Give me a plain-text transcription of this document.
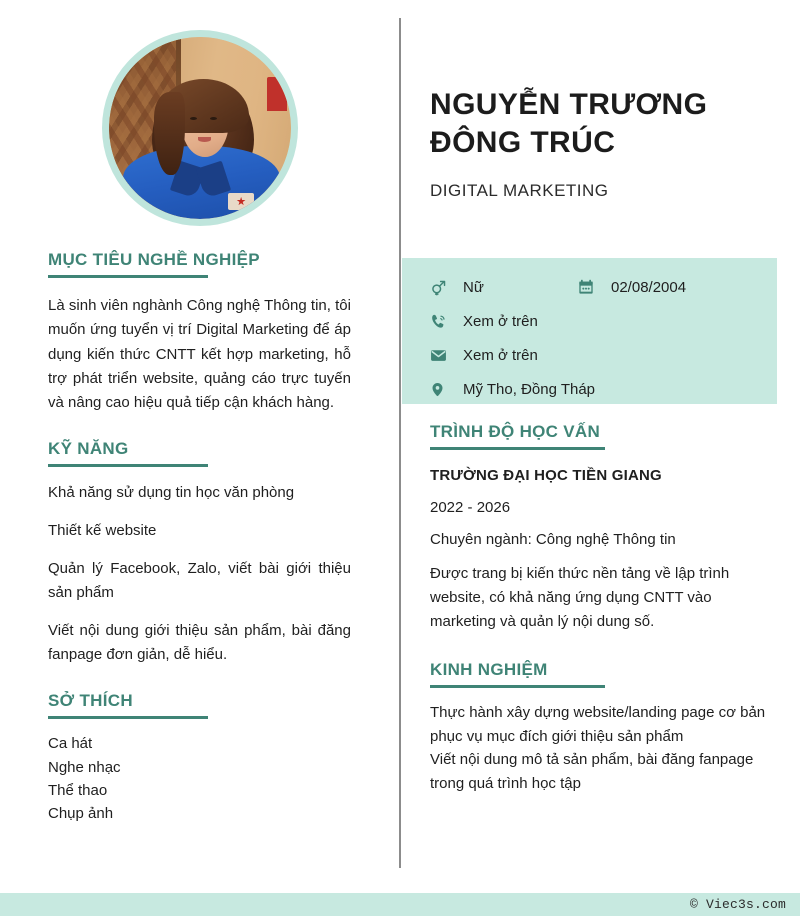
MỤC TIÊU NGHỀ NGHIỆP
Là sinh viên nghành Công nghệ Thông tin, tôi muốn ứng tuyển vị trí Digital Marketing để áp dụng kiến thức CNTT kết hợp marketing, hỗ trợ phát triển website, quảng cáo trực tuyến và nâng cao hiệu quả tiếp cận khách hàng.
KỸ NĂNG
Khả năng sử dụng tin học văn phòng
Thiết kế website
Quản lý Facebook, Zalo, viết bài giới thiệu sản phẩm
Viết nội dung giới thiệu sản phẩm, bài đăng fanpage đơn giản, dễ hiểu.
SỞ THÍCH
Ca hát
Nghe nhạc
Thể thao
Chụp ảnh
NGUYỄN TRƯƠNG
ĐÔNG TRÚC
DIGITAL MARKETING
Nữ	02/08/2004
Xem ở trên
Xem ở trên
Mỹ Tho, Đồng Tháp
TRÌNH ĐỘ HỌC VẤN
TRƯỜNG ĐẠI HỌC TIỀN GIANG
2022 - 2026
Chuyên ngành: Công nghệ Thông tin
Được trang bị kiến thức nền tảng về lập trình website, có khả năng ứng dụng CNTT vào marketing và quản lý nội dung số.
KINH NGHIỆM
Thực hành xây dựng website/landing page cơ bản phục vụ mục đích giới thiệu sản phẩm
Viết nội dung mô tả sản phẩm, bài đăng fanpage trong quá trình học tập
© Viec3s.com
